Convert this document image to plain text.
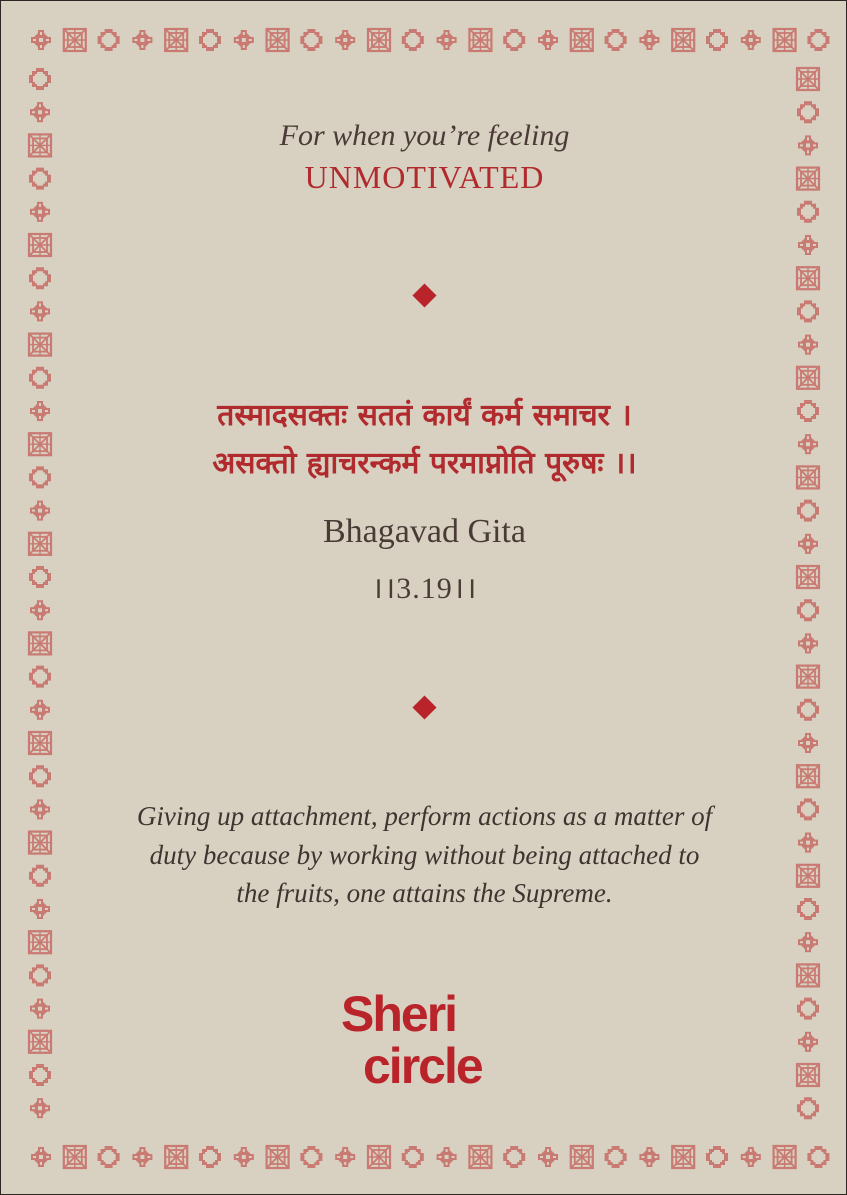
For when you’re feeling
UNMOTIVATED
तस्मादसक्तः सततं कार्यं कर्म समाचर ।
असक्तो ह्याचरन्कर्म परमाप्नोति पूरुषः ।।
Bhagavad Gita
।।3.19।।
Giving up attachment, perform actions as a matter of
duty because by working without being attached to
the fruits, one attains the Supreme.
Sheri
circle
